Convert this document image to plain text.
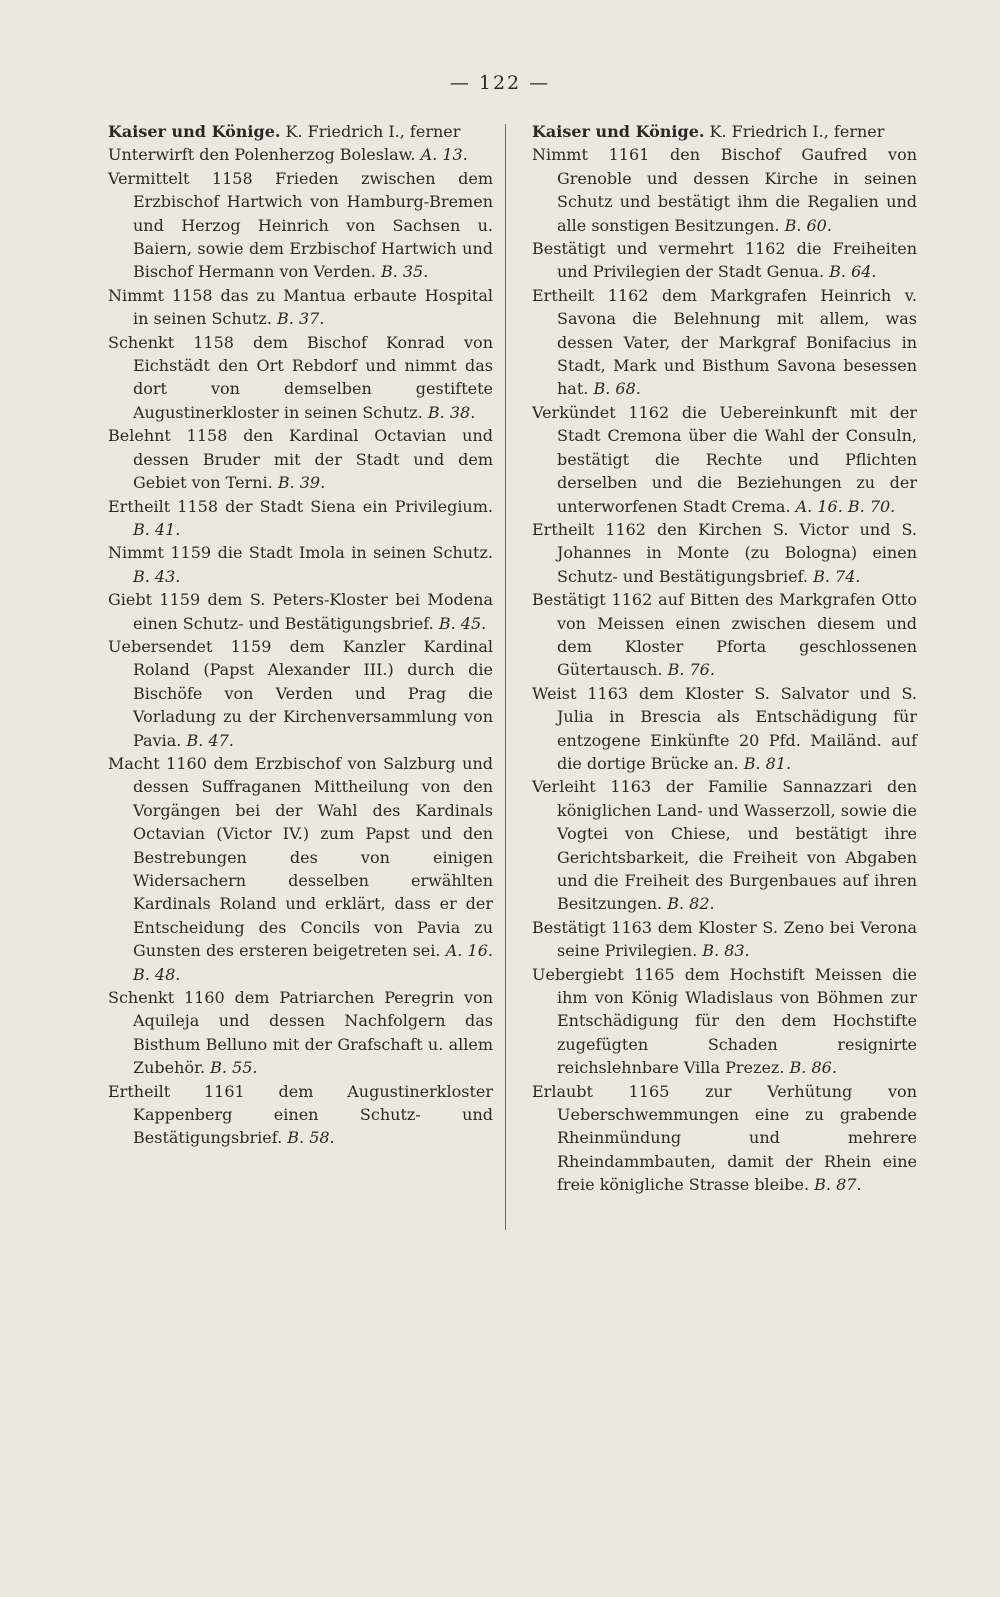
— 122 —

Kaiser und Könige. K. Friedrich I., ferner

Unterwirft den Polenherzog Boleslaw. A. 13.

Vermittelt 1158 Frieden zwischen dem Erzbischof Hartwich von Hamburg-Bremen und Herzog Heinrich von Sachsen u. Baiern, sowie dem Erzbischof Hartwich und Bischof Hermann von Verden. B. 35.

Nimmt 1158 das zu Mantua erbaute Hospital in seinen Schutz. B. 37.

Schenkt 1158 dem Bischof Konrad von Eichstädt den Ort Rebdorf und nimmt das dort von demselben gestiftete Augustinerkloster in seinen Schutz. B. 38.

Belehnt 1158 den Kardinal Octavian und dessen Bruder mit der Stadt und dem Gebiet von Terni. B. 39.

Ertheilt 1158 der Stadt Siena ein Privilegium. B. 41.

Nimmt 1159 die Stadt Imola in seinen Schutz. B. 43.

Giebt 1159 dem S. Peters-Kloster bei Modena einen Schutz- und Bestätigungsbrief. B. 45.

Uebersendet 1159 dem Kanzler Kardinal Roland (Papst Alexander III.) durch die Bischöfe von Verden und Prag die Vorladung zu der Kirchenversammlung von Pavia. B. 47.

Macht 1160 dem Erzbischof von Salzburg und dessen Suffraganen Mittheilung von den Vorgängen bei der Wahl des Kardinals Octavian (Victor IV.) zum Papst und den Bestrebungen des von einigen Widersachern desselben erwählten Kardinals Roland und erklärt, dass er der Entscheidung des Concils von Pavia zu Gunsten des ersteren beigetreten sei. A. 16. B. 48.

Schenkt 1160 dem Patriarchen Peregrin von Aquileja und dessen Nachfolgern das Bisthum Belluno mit der Grafschaft u. allem Zubehör. B. 55.

Ertheilt 1161 dem Augustinerkloster Kappenberg einen Schutz- und Bestätigungsbrief. B. 58.

Kaiser und Könige. K. Friedrich I., ferner

Nimmt 1161 den Bischof Gaufred von Grenoble und dessen Kirche in seinen Schutz und bestätigt ihm die Regalien und alle sonstigen Besitzungen. B. 60.

Bestätigt und vermehrt 1162 die Freiheiten und Privilegien der Stadt Genua. B. 64.

Ertheilt 1162 dem Markgrafen Heinrich v. Savona die Belehnung mit allem, was dessen Vater, der Markgraf Bonifacius in Stadt, Mark und Bisthum Savona besessen hat. B. 68.

Verkündet 1162 die Uebereinkunft mit der Stadt Cremona über die Wahl der Consuln, bestätigt die Rechte und Pflichten derselben und die Beziehungen zu der unterworfenen Stadt Crema. A. 16. B. 70.

Ertheilt 1162 den Kirchen S. Victor und S. Johannes in Monte (zu Bologna) einen Schutz- und Bestätigungsbrief. B. 74.

Bestätigt 1162 auf Bitten des Markgrafen Otto von Meissen einen zwischen diesem und dem Kloster Pforta geschlossenen Gütertausch. B. 76.

Weist 1163 dem Kloster S. Salvator und S. Julia in Brescia als Entschädigung für entzogene Einkünfte 20 Pfd. Mailänd. auf die dortige Brücke an. B. 81.

Verleiht 1163 der Familie Sannazzari den königlichen Land- und Wasserzoll, sowie die Vogtei von Chiese, und bestätigt ihre Gerichtsbarkeit, die Freiheit von Abgaben und die Freiheit des Burgenbaues auf ihren Besitzungen. B. 82.

Bestätigt 1163 dem Kloster S. Zeno bei Verona seine Privilegien. B. 83.

Uebergiebt 1165 dem Hochstift Meissen die ihm von König Wladislaus von Böhmen zur Entschädigung für den dem Hochstifte zugefügten Schaden resignirte reichslehnbare Villa Prezez. B. 86.

Erlaubt 1165 zur Verhütung von Ueberschwemmungen eine zu grabende Rheinmündung und mehrere Rheindammbauten, damit der Rhein eine freie königliche Strasse bleibe. B. 87.
